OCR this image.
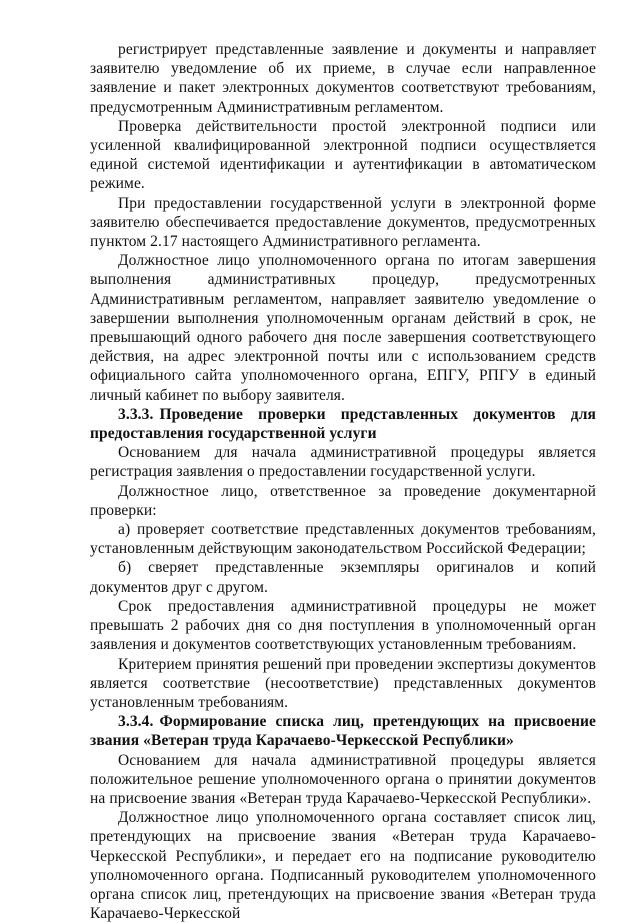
регистрирует представленные заявление и документы и направляет заявителю уведомление об их приеме, в случае если направленное заявление и пакет электронных документов соответствуют требованиям, предусмотренным Административным регламентом.

Проверка действительности простой электронной подписи или усиленной квалифицированной электронной подписи осуществляется единой системой идентификации и аутентификации в автоматическом режиме.

При предоставлении государственной услуги в электронной форме заявителю обеспечивается предоставление документов, предусмотренных пунктом 2.17 настоящего Административного регламента.

Должностное лицо уполномоченного органа по итогам завершения выполнения административных процедур, предусмотренных Административным регламентом, направляет заявителю уведомление о завершении выполнения уполномоченным органам действий в срок, не превышающий одного рабочего дня после завершения соответствующего действия, на адрес электронной почты или с использованием средств официального сайта уполномоченного органа, ЕПГУ, РПГУ в единый личный кабинет по выбору заявителя.

3.3.3. Проведение проверки представленных документов для предоставления государственной услуги

Основанием для начала административной процедуры является регистрация заявления о предоставлении государственной услуги.

Должностное лицо, ответственное за проведение документарной проверки:

а) проверяет соответствие представленных документов требованиям, установленным действующим законодательством Российской Федерации;

б) сверяет представленные экземпляры оригиналов и копий документов друг с другом.

Срок предоставления административной процедуры не может превышать 2 рабочих дня со дня поступления в уполномоченный орган заявления и документов соответствующих установленным требованиям.

Критерием принятия решений при проведении экспертизы документов является соответствие (несоответствие) представленных документов установленным требованиям.

3.3.4. Формирование списка лиц, претендующих на присвоение звания «Ветеран труда Карачаево-Черкесской Республики»

Основанием для начала административной процедуры является положительное решение уполномоченного органа о принятии документов на присвоение звания «Ветеран труда Карачаево-Черкесской Республики».

Должностное лицо уполномоченного органа составляет список лиц, претендующих на присвоение звания «Ветеран труда Карачаево-Черкесской Республики», и передает его на подписание руководителю уполномоченного органа. Подписанный руководителем уполномоченного органа список лиц, претендующих на присвоение звания «Ветеран труда Карачаево-Черкесской
